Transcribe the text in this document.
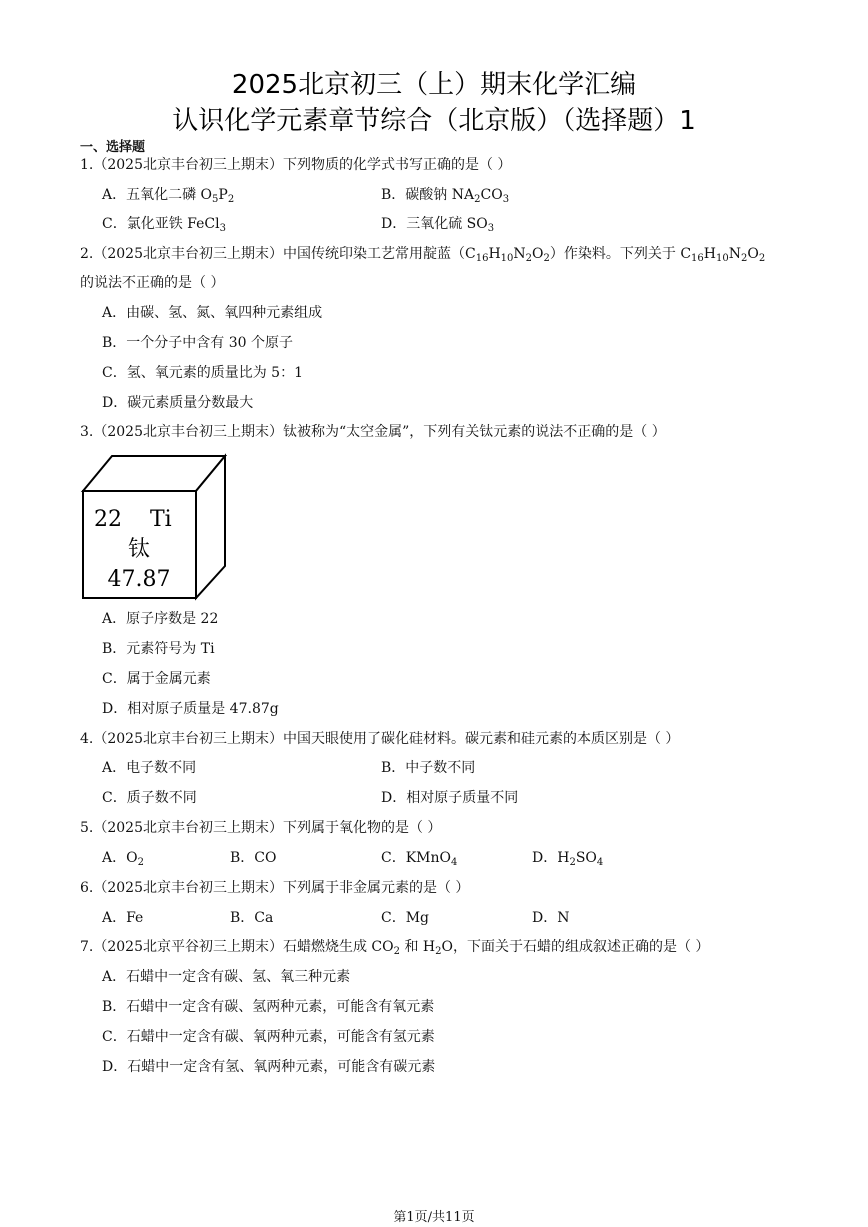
2025北京初三（上）期末化学汇编
认识化学元素章节综合（北京版）（选择题）1
一、选择题
1.（2025北京丰台初三上期末）下列物质的化学式书写正确的是（ ）
A．五氧化二磷 $O_5P_2$	B．碳酸钠 $NA_2CO_3$
C．氯化亚铁 FeCl$_3$	D．三氧化硫 $SO_3$
2.（2025北京丰台初三上期末）中国传统印染工艺常用靛蓝$(C_{16}H_{10}N_2O_2)$作染料。下列关于 $C_{16}H_{10}N_2O_2$
的说法不正确的是（ ）
A．由碳、氢、氮、氧四种元素组成
B．一个分子中含有 30 个原子
C．氢、氧元素的质量比为 5：1
D．碳元素质量分数最大
3.（2025北京丰台初三上期末）钛被称为“太空金属”，下列有关钛元素的说法不正确的是（ ）
22 Ti
钛
47.87
A．原子序数是 22
B．元素符号为 Ti
C．属于金属元素
D．相对原子质量是 47.87g
4.（2025北京丰台初三上期末）中国天眼使用了碳化硅材料。碳元素和硅元素的本质区别是（ ）
A．电子数不同	B．中子数不同
C．质子数不同	D．相对原子质量不同
5.（2025北京丰台初三上期末）下列属于氧化物的是（ ）
A．$O_2$	B．CO	C．KMnO$_4$	D．$H_2SO_4$
6.（2025北京丰台初三上期末）下列属于非金属元素的是（ ）
A．Fe	B．Ca	C．Mg	D．N
7.（2025北京平谷初三上期末）石蜡燃烧生成 $CO_2$ 和 $H_2O$，下面关于石蜡的组成叙述正确的是（ ）
A．石蜡中一定含有碳、氢、氧三种元素
B．石蜡中一定含有碳、氢两种元素，可能含有氧元素
C．石蜡中一定含有碳、氧两种元素，可能含有氢元素
D．石蜡中一定含有氢、氧两种元素，可能含有碳元素
第1页/共11页
